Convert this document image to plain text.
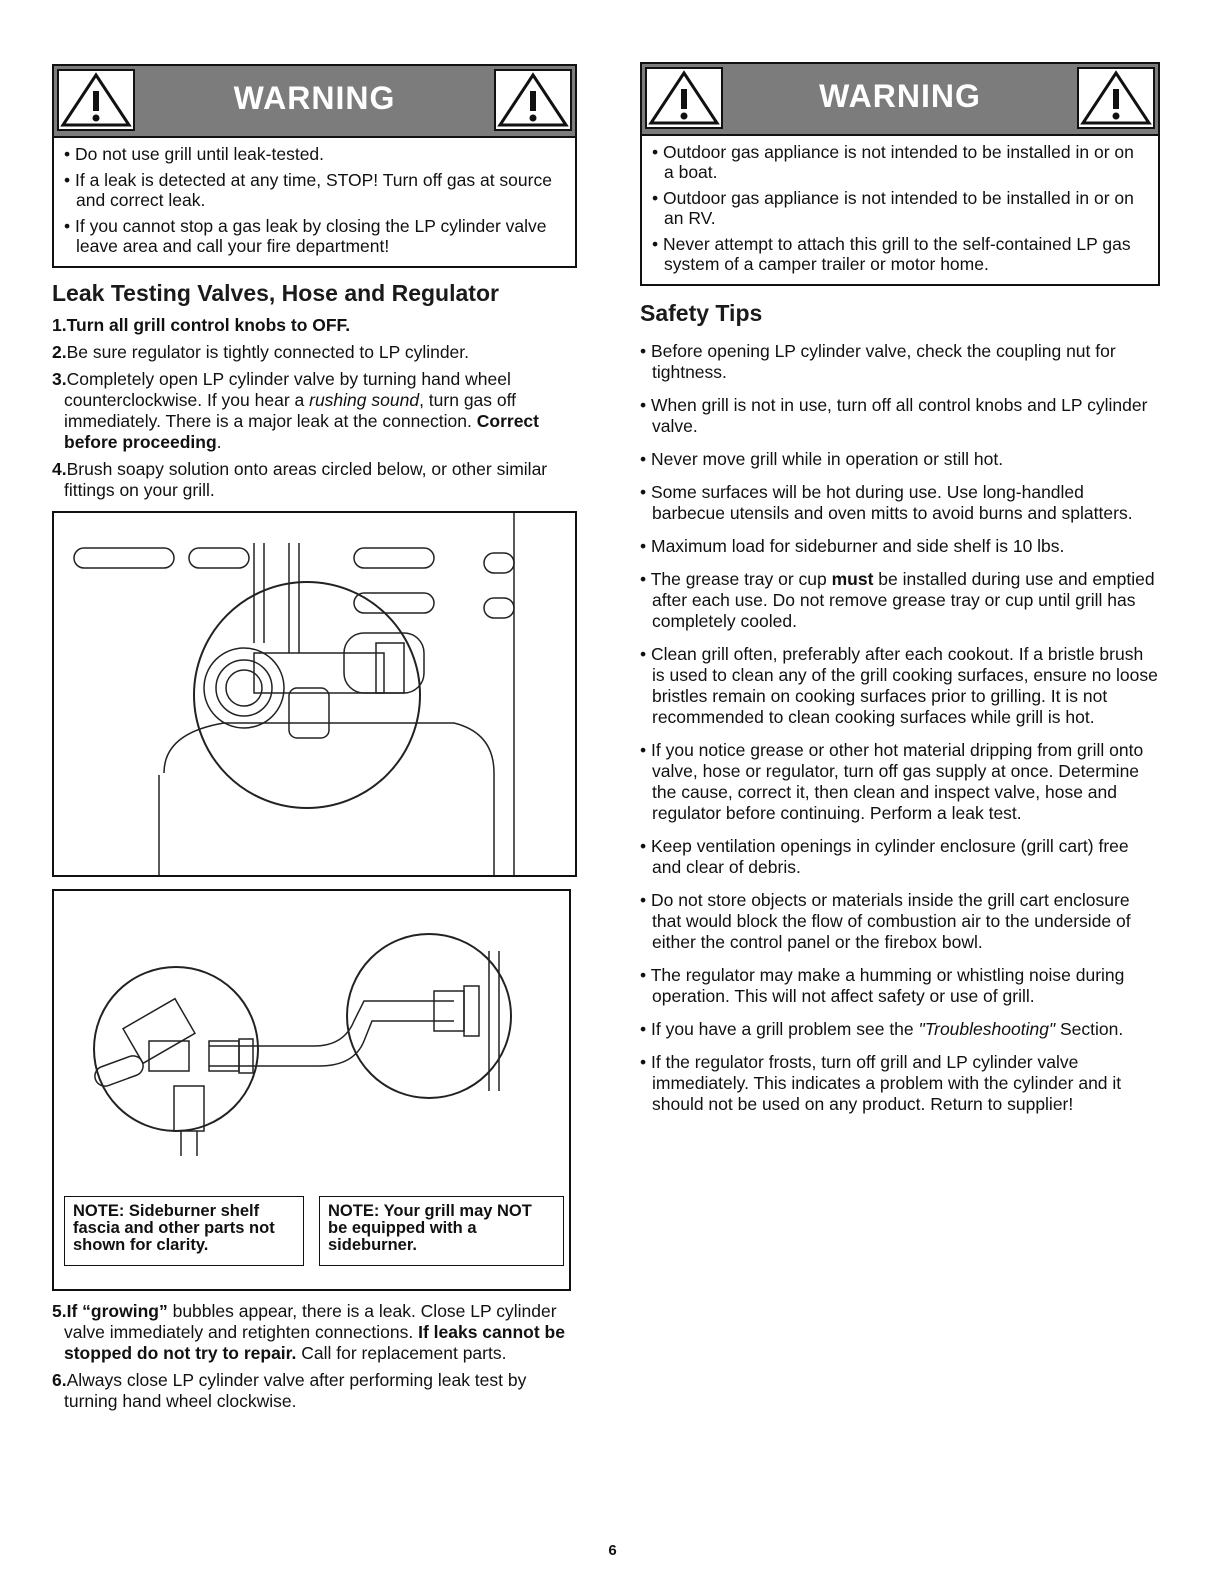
WARNING
• Do not use grill until leak-tested.
• If a leak is detected at any time, STOP! Turn off gas at source and correct leak.
• If you cannot stop a gas leak by closing the LP cylinder valve leave area and call your fire department!
Leak Testing Valves, Hose and Regulator
1.Turn all grill control knobs to OFF.
2.Be sure regulator is tightly connected to LP cylinder.
3.Completely open LP cylinder valve by turning hand wheel counterclockwise. If you hear a rushing sound, turn gas off immediately. There is a major leak at the connection. Correct before proceeding.
4.Brush soapy solution onto areas circled below, or other similar fittings on your grill.
NOTE: Sideburner shelf fascia and other parts not shown for clarity.
NOTE: Your grill may NOT be equipped with a sideburner.
5.If “growing” bubbles appear, there is a leak. Close LP cylinder valve immediately and retighten connections. If leaks cannot be stopped do not try to repair. Call for replacement parts.
6.Always close LP cylinder valve after performing leak test by turning hand wheel clockwise.
WARNING
• Outdoor gas appliance is not intended to be installed in or on a boat.
• Outdoor gas appliance is not intended to be installed in or on an RV.
• Never attempt to attach this grill to the self-contained LP gas system of a camper trailer or motor home.
Safety Tips
• Before opening LP cylinder valve, check the coupling nut for tightness.
• When grill is not in use, turn off all control knobs and LP cylinder valve.
• Never move grill while in operation or still hot.
• Some surfaces will be hot during use. Use long-handled barbecue utensils and oven mitts to avoid burns and splatters.
• Maximum load for sideburner and side shelf is 10 lbs.
• The grease tray or cup must be installed during use and emptied after each use. Do not remove grease tray or cup until grill has completely cooled.
• Clean grill often, preferably after each cookout. If a bristle brush is used to clean any of the grill cooking surfaces, ensure no loose bristles remain on cooking surfaces prior to grilling. It is not recommended to clean cooking surfaces while grill is hot.
• If you notice grease or other hot material dripping from grill onto valve, hose or regulator, turn off gas supply at once. Determine the cause, correct it, then clean and inspect valve, hose and regulator before continuing. Perform a leak test.
• Keep ventilation openings in cylinder enclosure (grill cart) free and clear of debris.
• Do not store objects or materials inside the grill cart enclosure that would block the flow of combustion air to the underside of either the control panel or the firebox bowl.
• The regulator may make a humming or whistling noise during operation. This will not affect safety or use of grill.
• If you have a grill problem see the "Troubleshooting" Section.
• If the regulator frosts, turn off grill and LP cylinder valve immediately. This indicates a problem with the cylinder and it should not be used on any product. Return to supplier!
6
